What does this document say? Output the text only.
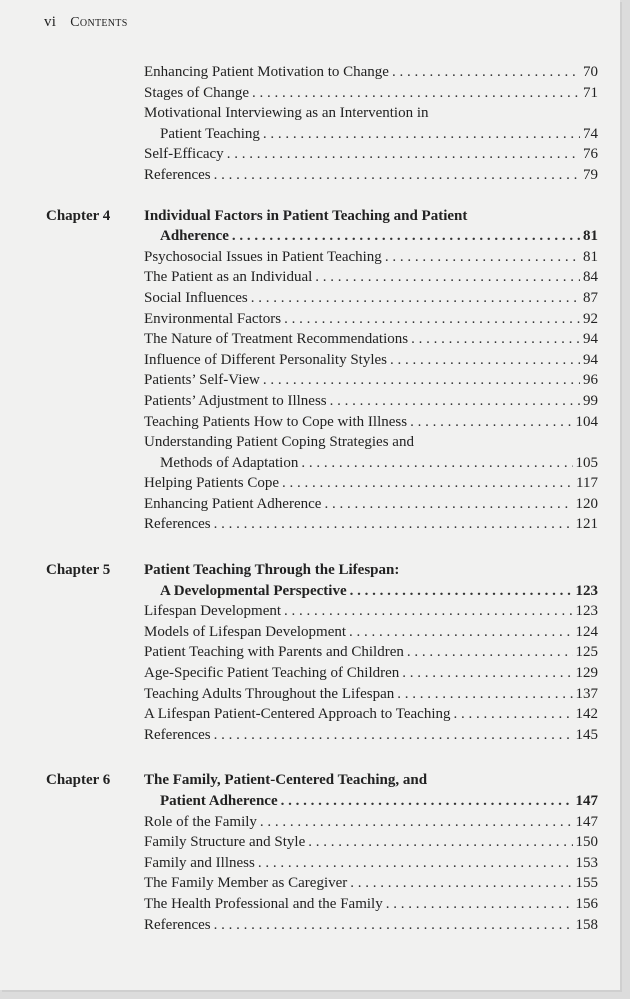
vi Contents
Enhancing Patient Motivation to Change . . .	70
Stages of Change . . .	71
Motivational Interviewing as an Intervention in
Patient Teaching . . .	74
Self-Efficacy . . .	76
References . . .	79
Chapter 4 Individual Factors in Patient Teaching and Patient
Adherence . . .	81
Psychosocial Issues in Patient Teaching . . .	81
The Patient as an Individual . . .	84
Social Influences . . .	87
Environmental Factors . . .	92
The Nature of Treatment Recommendations . . .	94
Influence of Different Personality Styles . . .	94
Patients’ Self-View . . .	96
Patients’ Adjustment to Illness . . .	99
Teaching Patients How to Cope with Illness . . .	104
Understanding Patient Coping Strategies and
Methods of Adaptation . . .	105
Helping Patients Cope . . .	117
Enhancing Patient Adherence . . .	120
References . . .	121
Chapter 5 Patient Teaching Through the Lifespan:
A Developmental Perspective . . .	123
Lifespan Development . . .	123
Models of Lifespan Development . . .	124
Patient Teaching with Parents and Children . . .	125
Age-Specific Patient Teaching of Children . . .	129
Teaching Adults Throughout the Lifespan . . .	137
A Lifespan Patient-Centered Approach to Teaching . . .	142
References . . .	145
Chapter 6 The Family, Patient-Centered Teaching, and
Patient Adherence . . .	147
Role of the Family . . .	147
Family Structure and Style . . .	150
Family and Illness . . .	153
The Family Member as Caregiver . . .	155
The Health Professional and the Family . . .	156
References . . .	158
